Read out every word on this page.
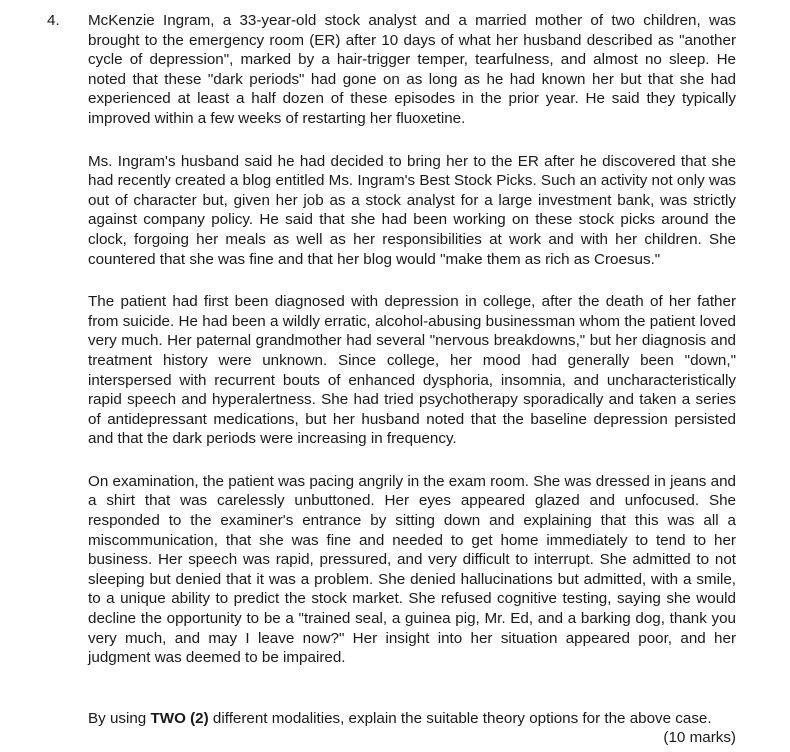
4. McKenzie Ingram, a 33-year-old stock analyst and a married mother of two children, was brought to the emergency room (ER) after 10 days of what her husband described as "another cycle of depression", marked by a hair-trigger temper, tearfulness, and almost no sleep. He noted that these "dark periods" had gone on as long as he had known her but that she had experienced at least a half dozen of these episodes in the prior year. He said they typically improved within a few weeks of restarting her fluoxetine.

Ms. Ingram's husband said he had decided to bring her to the ER after he discovered that she had recently created a blog entitled Ms. Ingram's Best Stock Picks. Such an activity not only was out of character but, given her job as a stock analyst for a large investment bank, was strictly against company policy. He said that she had been working on these stock picks around the clock, forgoing her meals as well as her responsibilities at work and with her children. She countered that she was fine and that her blog would "make them as rich as Croesus."

The patient had first been diagnosed with depression in college, after the death of her father from suicide. He had been a wildly erratic, alcohol-abusing businessman whom the patient loved very much. Her paternal grandmother had several "nervous breakdowns," but her diagnosis and treatment history were unknown. Since college, her mood had generally been "down," interspersed with recurrent bouts of enhanced dysphoria, insomnia, and uncharacteristically rapid speech and hyperalertness. She had tried psychotherapy sporadically and taken a series of antidepressant medications, but her husband noted that the baseline depression persisted and that the dark periods were increasing in frequency.

On examination, the patient was pacing angrily in the exam room. She was dressed in jeans and a shirt that was carelessly unbuttoned. Her eyes appeared glazed and unfocused. She responded to the examiner's entrance by sitting down and explaining that this was all a miscommunication, that she was fine and needed to get home immediately to tend to her business. Her speech was rapid, pressured, and very difficult to interrupt. She admitted to not sleeping but denied that it was a problem. She denied hallucinations but admitted, with a smile, to a unique ability to predict the stock market. She refused cognitive testing, saying she would decline the opportunity to be a "trained seal, a guinea pig, Mr. Ed, and a barking dog, thank you very much, and may I leave now?" Her insight into her situation appeared poor, and her judgment was deemed to be impaired.

By using TWO (2) different modalities, explain the suitable theory options for the above case.
(10 marks)
